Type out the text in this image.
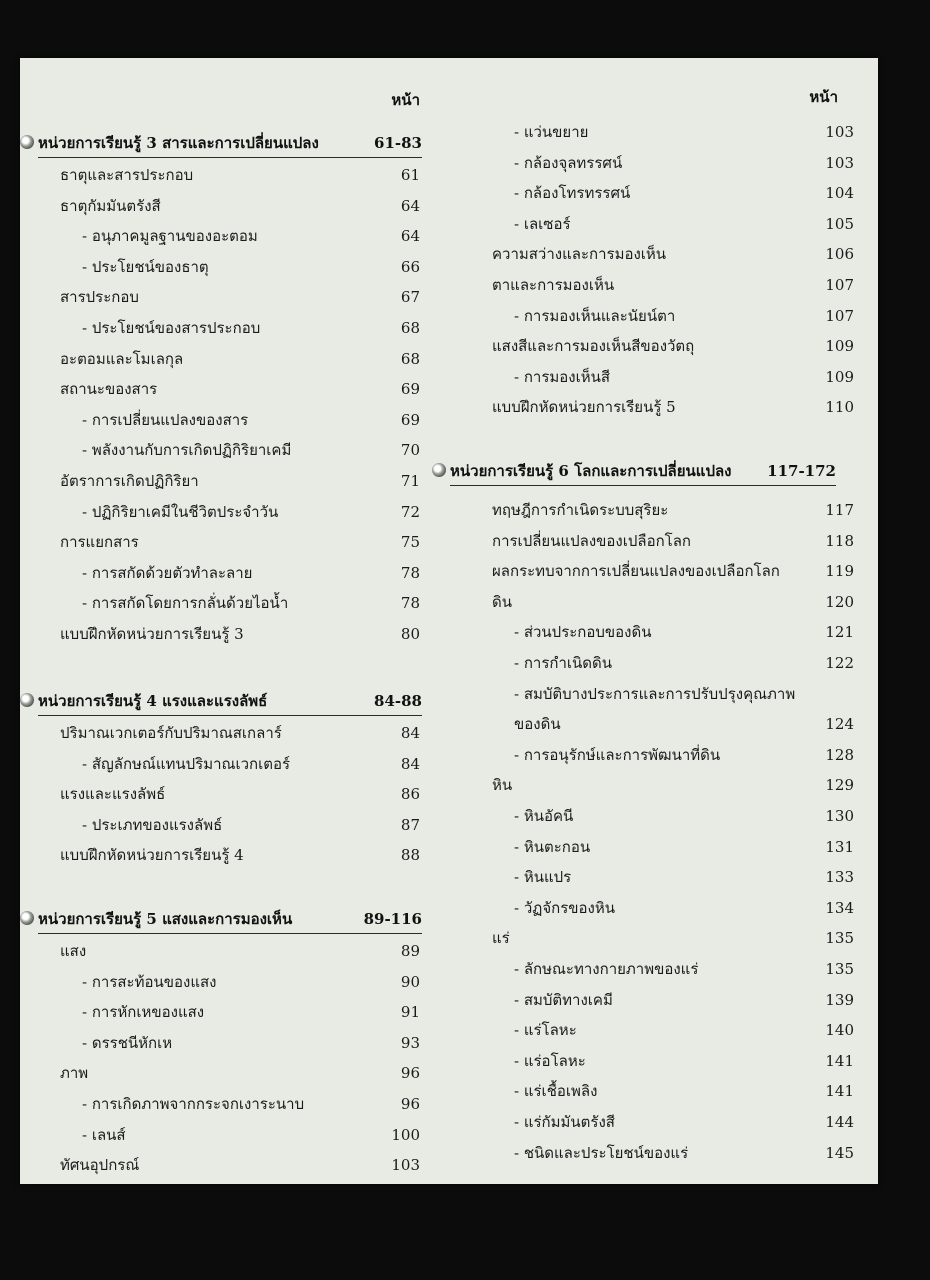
หน้า
หน่วยการเรียนรู้ 3 สารและการเปลี่ยนแปลง	61-83
ธาตุและสารประกอบ	61
ธาตุกัมมันตรังสี	64
- อนุภาคมูลฐานของอะตอม	64
- ประโยชน์ของธาตุ	66
สารประกอบ	67
- ประโยชน์ของสารประกอบ	68
อะตอมและโมเลกุล	68
สถานะของสาร	69
- การเปลี่ยนแปลงของสาร	69
- พลังงานกับการเกิดปฏิกิริยาเคมี	70
อัตราการเกิดปฏิกิริยา	71
- ปฏิกิริยาเคมีในชีวิตประจำวัน	72
การแยกสาร	75
- การสกัดด้วยตัวทำละลาย	78
- การสกัดโดยการกลั่นด้วยไอน้ำ	78
แบบฝึกหัดหน่วยการเรียนรู้ 3	80
หน่วยการเรียนรู้ 4 แรงและแรงลัพธ์	84-88
ปริมาณเวกเตอร์กับปริมาณสเกลาร์	84
- สัญลักษณ์แทนปริมาณเวกเตอร์	84
แรงและแรงลัพธ์	86
- ประเภทของแรงลัพธ์	87
แบบฝึกหัดหน่วยการเรียนรู้ 4	88
หน่วยการเรียนรู้ 5 แสงและการมองเห็น	89-116
แสง	89
- การสะท้อนของแสง	90
- การหักเหของแสง	91
- ดรรชนีหักเห	93
ภาพ	96
- การเกิดภาพจากกระจกเงาระนาบ	96
- เลนส์	100
ทัศนอุปกรณ์	103
หน้า
- แว่นขยาย	103
- กล้องจุลทรรศน์	103
- กล้องโทรทรรศน์	104
- เลเซอร์	105
ความสว่างและการมองเห็น	106
ตาและการมองเห็น	107
- การมองเห็นและนัยน์ตา	107
แสงสีและการมองเห็นสีของวัตถุ	109
- การมองเห็นสี	109
แบบฝึกหัดหน่วยการเรียนรู้ 5	110
หน่วยการเรียนรู้ 6 โลกและการเปลี่ยนแปลง 117-172
ทฤษฎีการกำเนิดระบบสุริยะ	117
การเปลี่ยนแปลงของเปลือกโลก	118
ผลกระทบจากการเปลี่ยนแปลงของเปลือกโลก	119
ดิน	120
- ส่วนประกอบของดิน	121
- การกำเนิดดิน	122
- สมบัติบางประการและการปรับปรุงคุณภาพ
ของดิน	124
- การอนุรักษ์และการพัฒนาที่ดิน	128
หิน	129
- หินอัคนี	130
- หินตะกอน	131
- หินแปร	133
- วัฏจักรของหิน	134
แร่	135
- ลักษณะทางกายภาพของแร่	135
- สมบัติทางเคมี	139
- แร่โลหะ	140
- แร่อโลหะ	141
- แร่เชื้อเพลิง	141
- แร่กัมมันตรังสี	144
- ชนิดและประโยชน์ของแร่	145
